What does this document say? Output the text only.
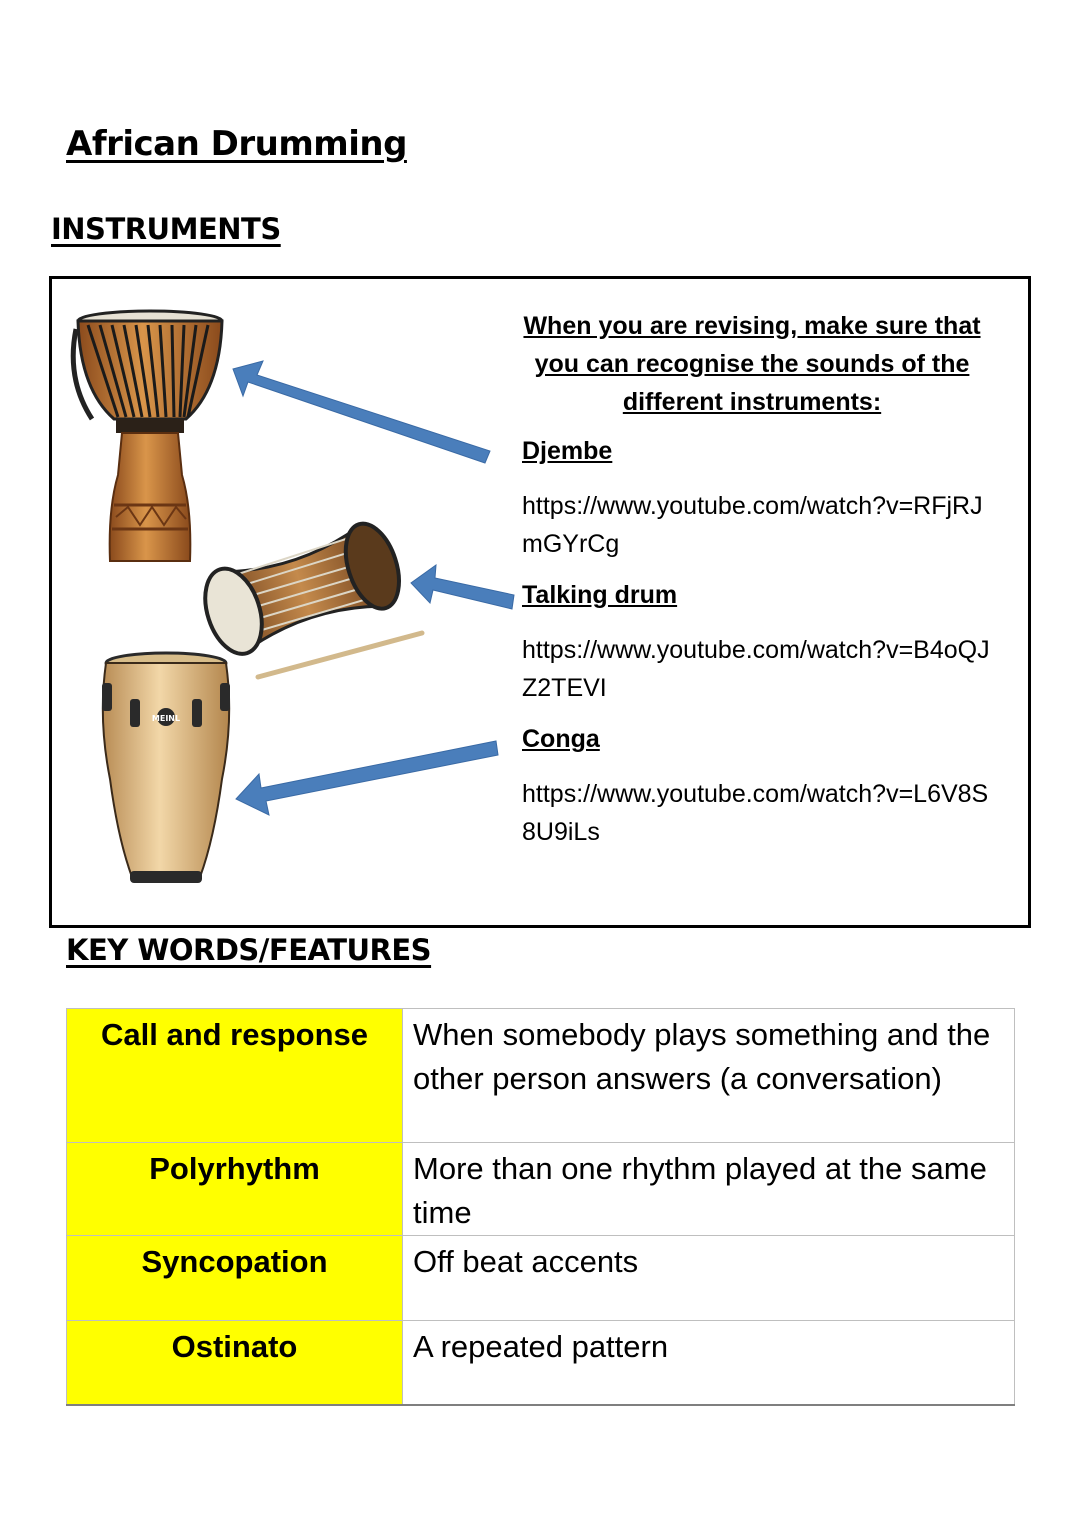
African Drumming
INSTRUMENTS
MEINL
When you are revising, make sure that you can recognise the sounds of the different instruments:
Djembe
https://www.youtube.com/watch?v=RFjRJmGYrCg
Talking drum
https://www.youtube.com/watch?v=B4oQJZ2TEVI
Conga
https://www.youtube.com/watch?v=L6V8S8U9iLs
KEY WORDS/FEATURES
Call and response	When somebody plays something and the other person answers (a conversation)
Polyrhythm	More than one rhythm played at the same time
Syncopation	Off beat accents
Ostinato	A repeated pattern
